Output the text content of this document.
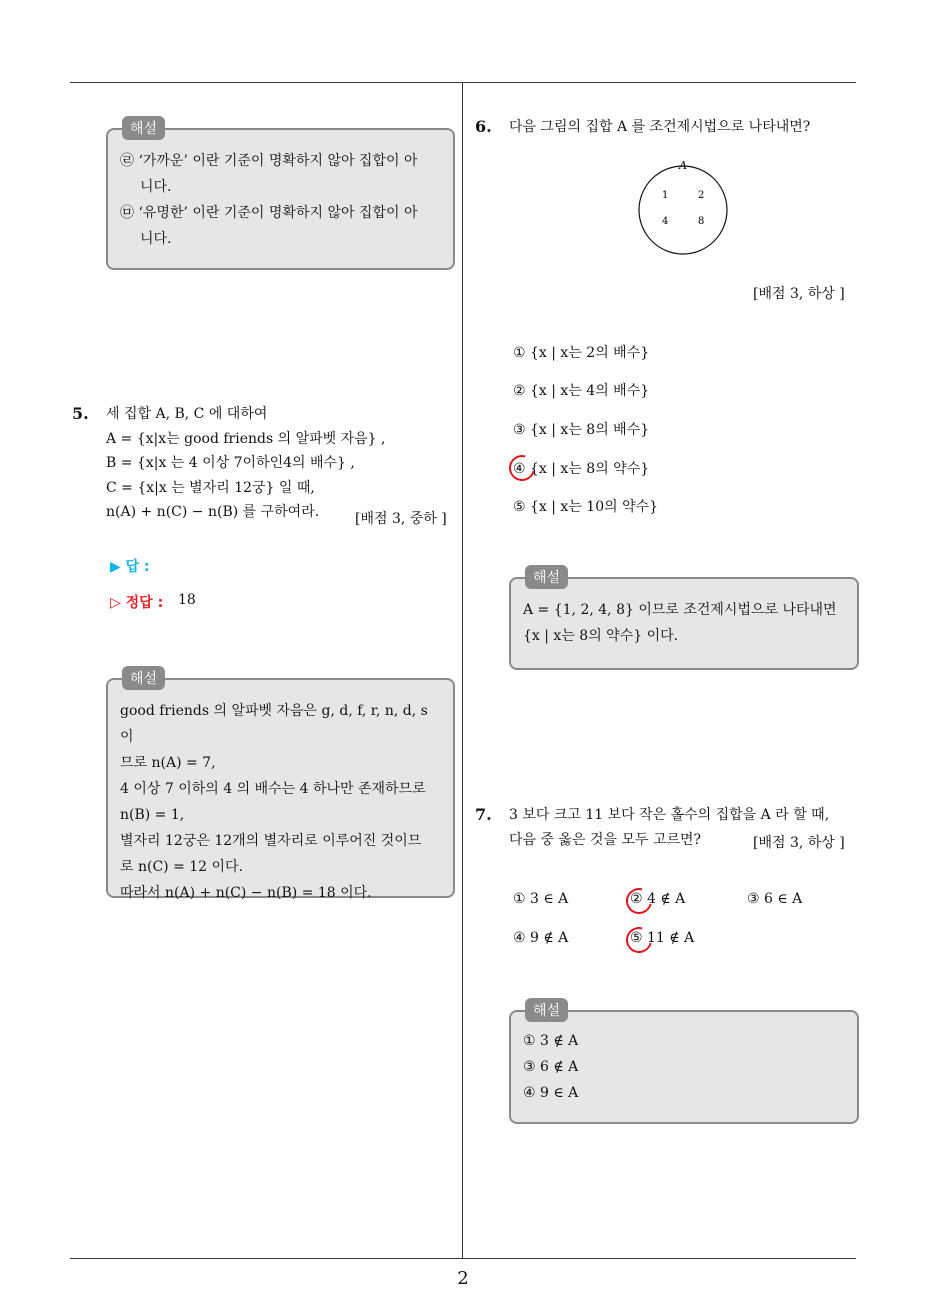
해설

㉣ ‘가까운’ 이란 기준이 명확하지 않아 집합이 아

니다.

㉤ ‘유명한’ 이란 기준이 명확하지 않아 집합이 아

니다.

5. 세 집합 A, B, C 에 대하여

A = {x|x는 good friends 의 알파벳 자음} ,

B = {x|x 는 4 이상 7이하인4의 배수} ,

C = {x|x 는 별자리 12궁} 일 때,

n(A) + n(C) − n(B) 를 구하여라.	[배점 3, 중하 ]
▶ 답 :
▷ 정답 : 18
해설

good friends 의 알파벳 자음은 g, d, f, r, n, d, s 이

므로 n(A) = 7,

4 이상 7 이하의 4 의 배수는 4 하나만 존재하므로

n(B) = 1,

별자리 12궁은 12개의 별자리로 이루어진 것이므

로 n(C) = 12 이다.

따라서 n(A) + n(C) − n(B) = 18 이다.

6. 다음 그림의 집합 A 를 조건제시법으로 나타내면?
A
1	2
4	8
[배점 3, 하상 ]
① {x | x는 2의 배수}
② {x | x는 4의 배수}
③ {x | x는 8의 배수}
④ {x | x는 8의 약수}
⑤ {x | x는 10의 약수}
해설

A = {1, 2, 4, 8} 이므로 조건제시법으로 나타내면

{x | x는 8의 약수} 이다.

7. 3 보다 크고 11 보다 작은 홀수의 집합을 A 라 할 때,

다음 중 옳은 것을 모두 고르면?	[배점 3, 하상 ]
① 3 ∈ A	② 4 ∉ A	③ 6 ∈ A
④ 9 ∉ A	⑤ 11 ∉ A
해설

① 3 ∉ A

③ 6 ∉ A

④ 9 ∈ A

2
